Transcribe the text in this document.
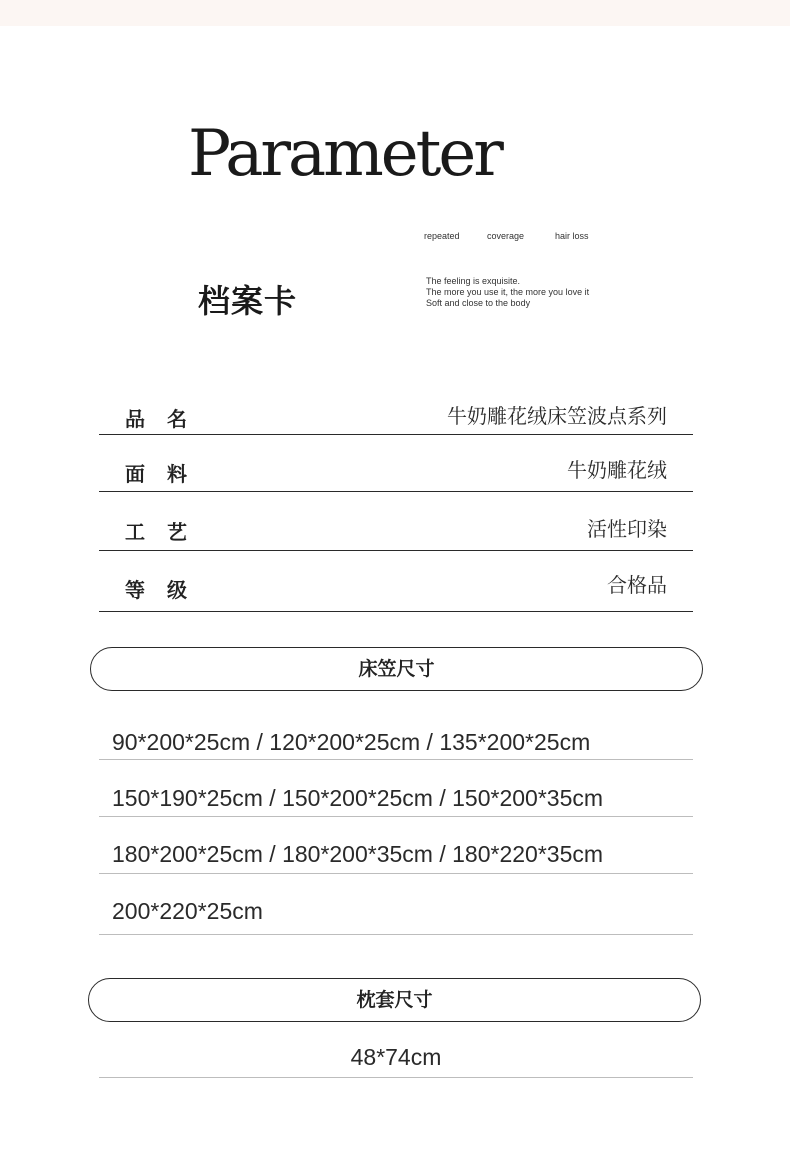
Parameter
repeated	coverage	hair loss
档案卡
The feeling is exquisite.
The more you use it, the more you love it
Soft and close to the body
品名	牛奶雕花绒床笠波点系列
面料	牛奶雕花绒
工艺	活性印染
等级	合格品
床笠尺寸
90*200*25cm / 120*200*25cm / 135*200*25cm
150*190*25cm / 150*200*25cm / 150*200*35cm
180*200*25cm / 180*200*35cm / 180*220*35cm
200*220*25cm
枕套尺寸
48*74cm
